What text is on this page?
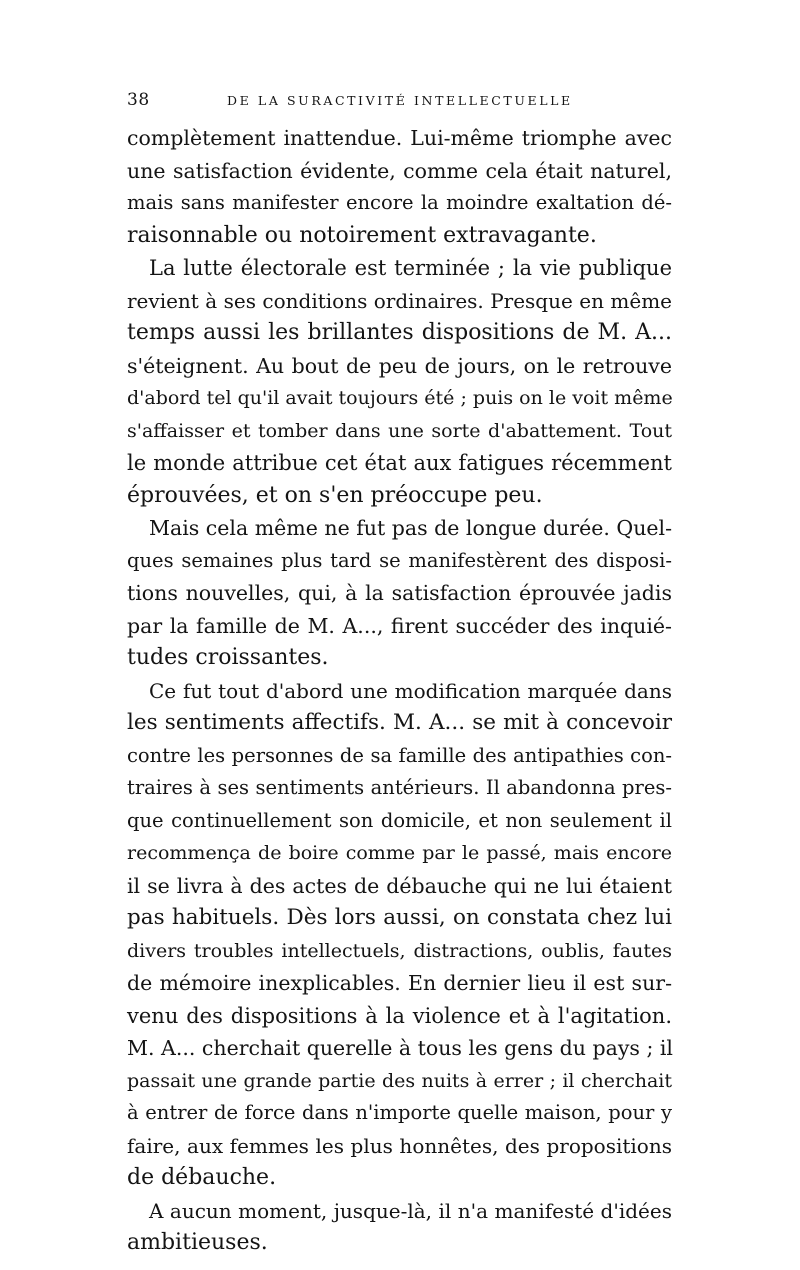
38	DE LA SURACTIVITÉ INTELLECTUELLE
complètement inattendue. Lui-même triomphe avec
une satisfaction évidente, comme cela était naturel,
mais sans manifester encore la moindre exaltation dé-
raisonnable ou notoirement extravagante.
La lutte électorale est terminée ; la vie publique
revient à ses conditions ordinaires. Presque en même
temps aussi les brillantes dispositions de M. A...
s'éteignent. Au bout de peu de jours, on le retrouve
d'abord tel qu'il avait toujours été ; puis on le voit même
s'affaisser et tomber dans une sorte d'abattement. Tout
le monde attribue cet état aux fatigues récemment
éprouvées, et on s'en préoccupe peu.
Mais cela même ne fut pas de longue durée. Quel-
ques semaines plus tard se manifestèrent des disposi-
tions nouvelles, qui, à la satisfaction éprouvée jadis
par la famille de M. A..., firent succéder des inquié-
tudes croissantes.
Ce fut tout d'abord une modification marquée dans
les sentiments affectifs. M. A... se mit à concevoir
contre les personnes de sa famille des antipathies con-
traires à ses sentiments antérieurs. Il abandonna pres-
que continuellement son domicile, et non seulement il
recommença de boire comme par le passé, mais encore
il se livra à des actes de débauche qui ne lui étaient
pas habituels. Dès lors aussi, on constata chez lui
divers troubles intellectuels, distractions, oublis, fautes
de mémoire inexplicables. En dernier lieu il est sur-
venu des dispositions à la violence et à l'agitation.
M. A... cherchait querelle à tous les gens du pays ; il
passait une grande partie des nuits à errer ; il cherchait
à entrer de force dans n'importe quelle maison, pour y
faire, aux femmes les plus honnêtes, des propositions
de débauche.
A aucun moment, jusque-là, il n'a manifesté d'idées
ambitieuses.
